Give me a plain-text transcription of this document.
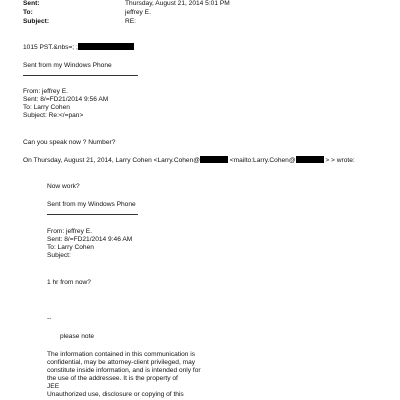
Sent:	Thursday, August 21, 2014 5:01 PM
To:	jeffrey E.
Subject:	RE:
1015 PST.&nbs=; ;
Sent from my Windows Phone
From: jeffrey E.
Sent: 8/=FD21/2014 9:56 AM
To: Larry Cohen
Subject: Re:</=pan>
Can you speak now ? Number?
On Thursday, August 21, 2014, Larry Cohen <Larry.Cohen@	<mailto:Larry.Cohen@	> > wrote:
Now work?
Sent from my Windows Phone
From: jeffrey E.
Sent: 8/=FD21/2014 9:46 AM
To: Larry Cohen
Subject:
1 hr from now?
--
please note
The information contained in this communication is
confidential, may be attorney-client privileged, may
constitute inside information, and is intended only for
the use of the addressee. It is the property of
JEE
Unauthorized use, disclosure or copying of this
